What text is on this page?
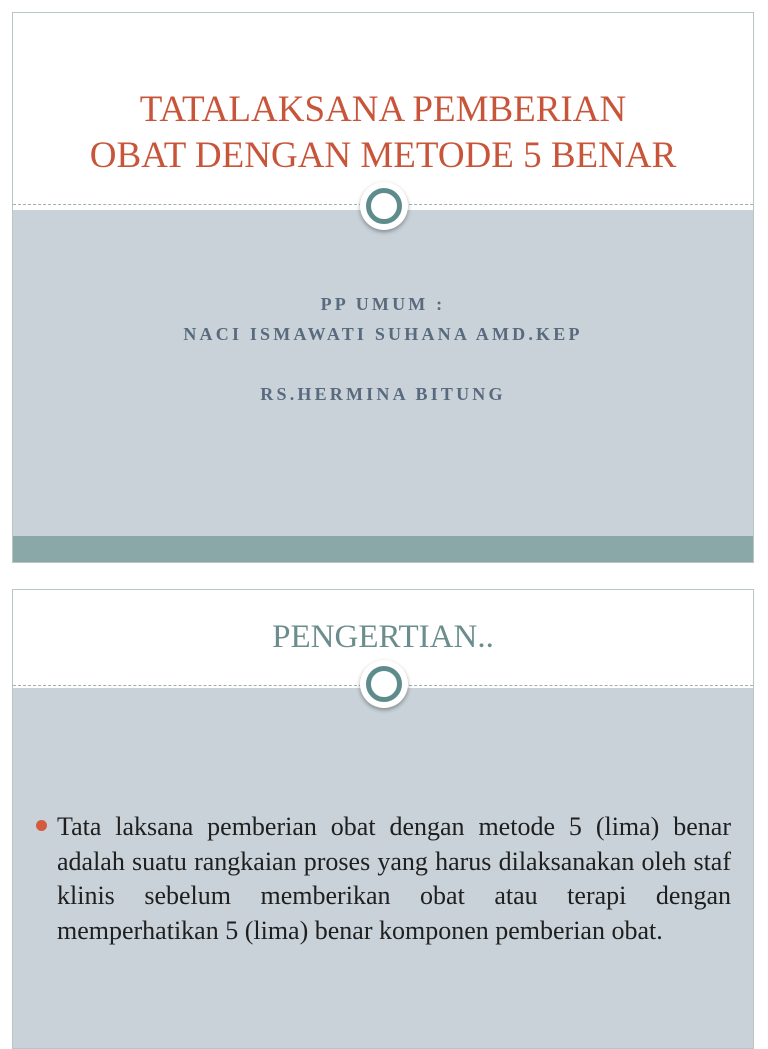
TATALAKSANA PEMBERIAN
OBAT DENGAN METODE 5 BENAR
PP UMUM :
NACI ISMAWATI SUHANA AMD.KEP
RS.HERMINA BITUNG
PENGERTIAN..

Tata laksana pemberian obat dengan metode 5 (lima) benar adalah suatu rangkaian proses yang harus dilaksanakan oleh staf klinis sebelum memberikan obat atau terapi dengan memperhatikan 5 (lima) benar komponen pemberian obat.
